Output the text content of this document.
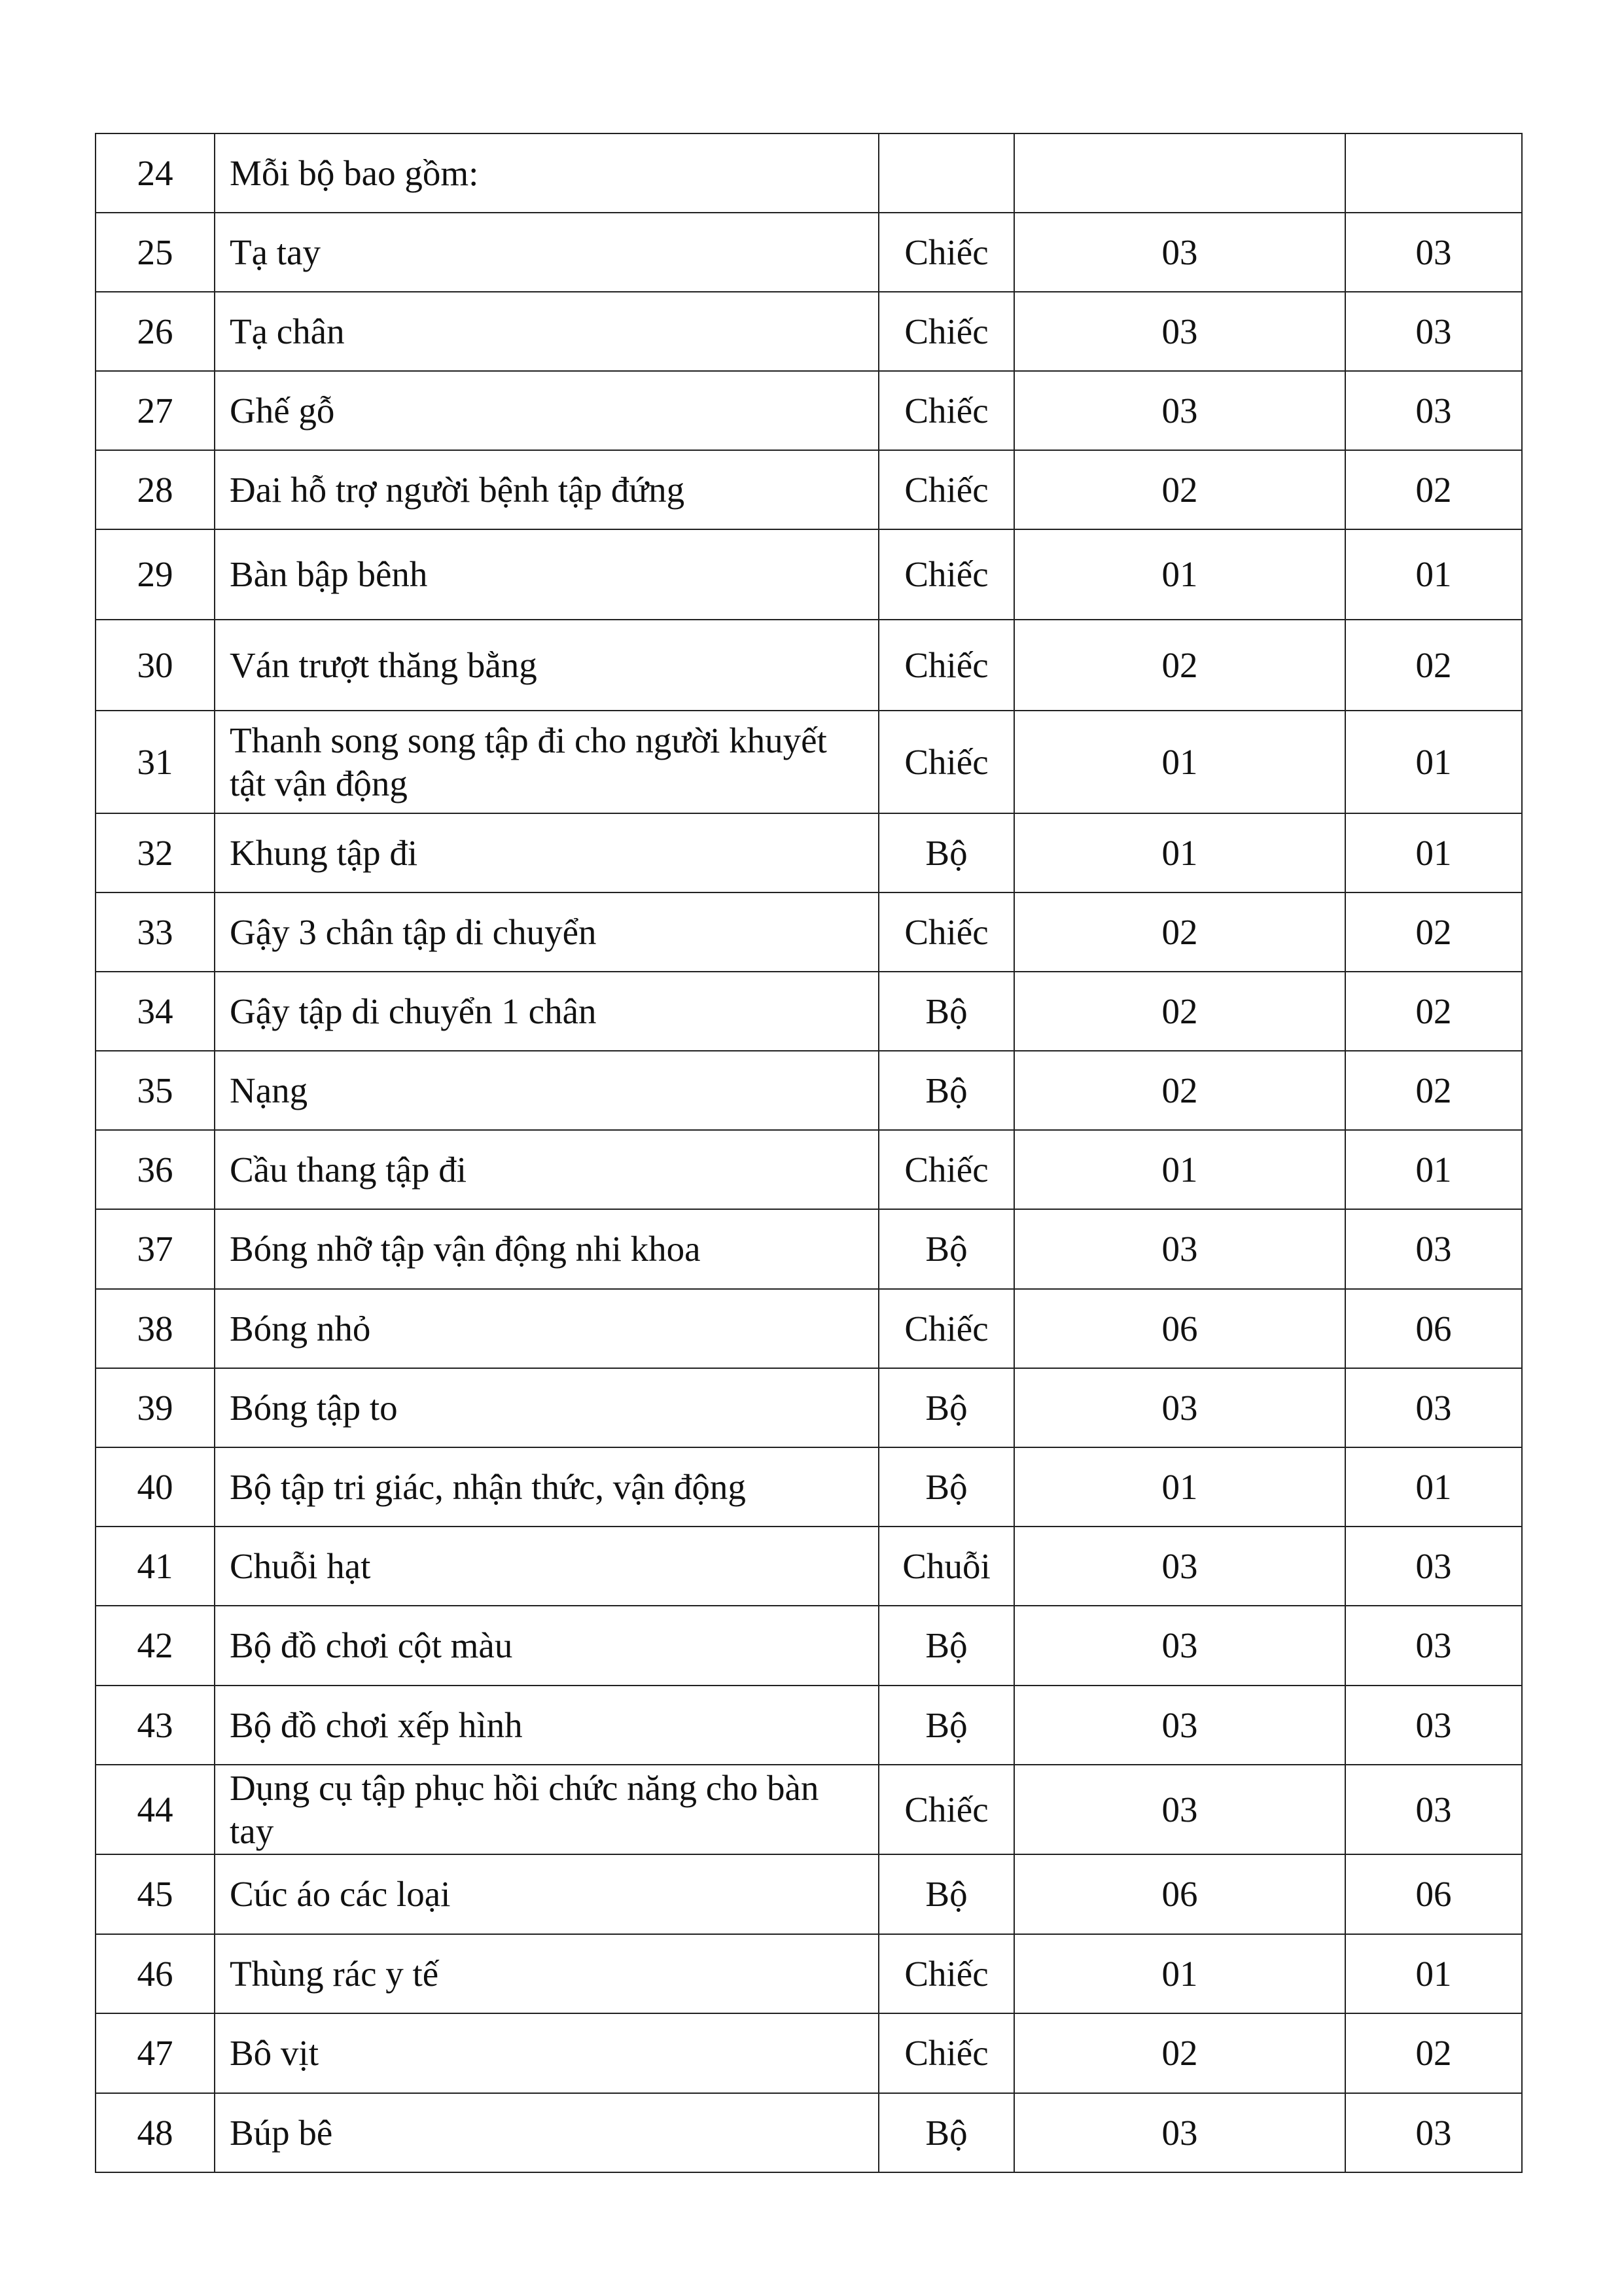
24	Mỗi bộ bao gồm:			
25	Tạ tay	Chiếc	03	03
26	Tạ chân	Chiếc	03	03
27	Ghế gỗ	Chiếc	03	03
28	Đai hỗ trợ người bệnh tập đứng	Chiếc	02	02
29	Bàn bập bênh	Chiếc	01	01
30	Ván trượt thăng bằng	Chiếc	02	02
31	Thanh song song tập đi cho người khuyết tật vận động	Chiếc	01	01
32	Khung tập đi	Bộ	01	01
33	Gậy 3 chân tập di chuyển	Chiếc	02	02
34	Gậy tập di chuyển 1 chân	Bộ	02	02
35	Nạng	Bộ	02	02
36	Cầu thang tập đi	Chiếc	01	01
37	Bóng nhỡ tập vận động nhi khoa	Bộ	03	03
38	Bóng nhỏ	Chiếc	06	06
39	Bóng tập to	Bộ	03	03
40	Bộ tập tri giác, nhận thức, vận động	Bộ	01	01
41	Chuỗi hạt	Chuỗi	03	03
42	Bộ đồ chơi cột màu	Bộ	03	03
43	Bộ đồ chơi xếp hình	Bộ	03	03
44	Dụng cụ tập phục hồi chức năng cho bàn tay	Chiếc	03	03
45	Cúc áo các loại	Bộ	06	06
46	Thùng rác y tế	Chiếc	01	01
47	Bô vịt	Chiếc	02	02
48	Búp bê	Bộ	03	03
